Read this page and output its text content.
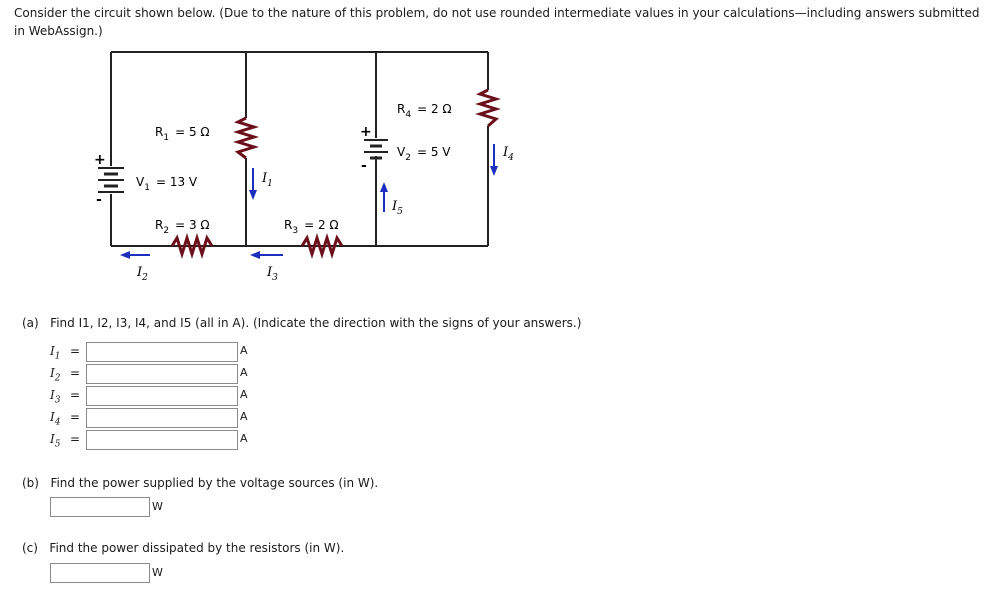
Consider the circuit shown below. (Due to the nature of this problem, do not use rounded intermediate values in your calculations—including answers submitted in WebAssign.)
+
-
$V_1 = 13$ V
+
-
$V_2 = 5$ V
$R_1 = 5$ Ω
$R_2 = 3$ Ω	$R_3 = 2$ Ω
$R_4 = 2$ Ω
$I_1$
$I_4$
$I_5$
$I_2$	$I_3$
(a) Find I1, I2, I3, I4, and I5 (all in A). (Indicate the direction with the signs of your answers.)
$I_1$ =	A
$I_2$ =	A
$I_3$ =	A
$I_4$ =	A
$I_5$ =	A
(b) Find the power supplied by the voltage sources (in W).
W
(c) Find the power dissipated by the resistors (in W).
W
